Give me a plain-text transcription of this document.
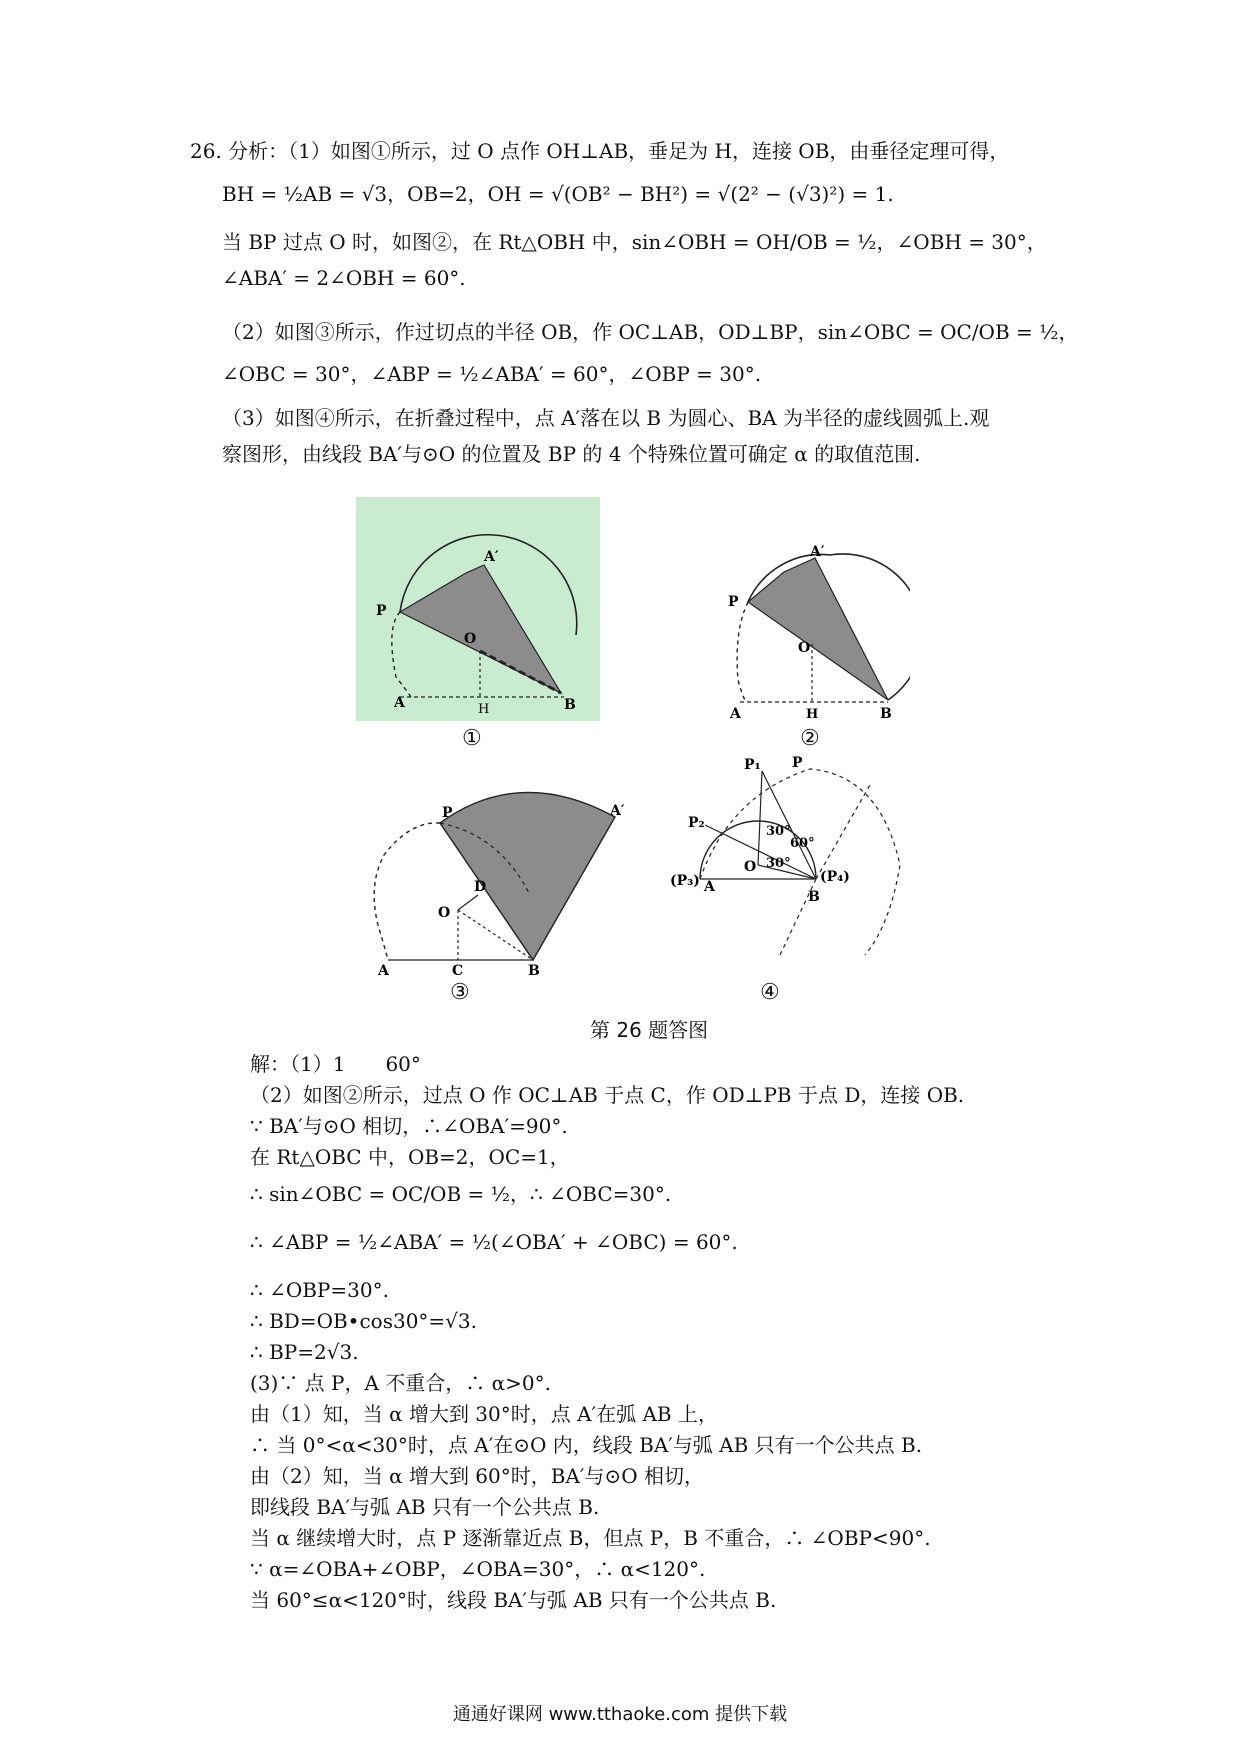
26. 分析：（1）如图①所示，过 O 点作 OH⊥AB，垂足为 H，连接 OB，由垂径定理可得，
BH = ½AB = √3，OB=2，OH = √(OB² − BH²) = √(2² − (√3)²) = 1.
当 BP 过点 O 时，如图②，在 Rt△OBH 中，sin∠OBH = OH/OB = ½，∠OBH = 30°，
∠ABA′ = 2∠OBH = 60°.
（2）如图③所示，作过切点的半径 OB，作 OC⊥AB，OD⊥BP，sin∠OBC = OC/OB = ½，
∠OBC = 30°，∠ABP = ½∠ABA′ = 60°，∠OBP = 30°.
（3）如图④所示，在折叠过程中，点 A′落在以 B 为圆心、BA 为半径的虚线圆弧上.观
察图形，由线段 BA′与⊙O 的位置及 BP 的 4 个特殊位置可确定 α 的取值范围.
A′
P
O
A	H	B
①
A′
P
O
A	H	B
②
P	A′
O
D
A	C	B
③
P₁ P
P₂
O
(P₃) A
(P₄)
B
30°
60°
30°
④
第 26 题答图
解：（1）1　　60°
（2）如图②所示，过点 O 作 OC⊥AB 于点 C，作 OD⊥PB 于点 D，连接 OB.
∵ BA′与⊙O 相切，∴∠OBA′=90°.
在 Rt△OBC 中，OB=2，OC=1，
∴ sin∠OBC = OC/OB = ½，∴ ∠OBC=30°.
∴ ∠ABP = ½∠ABA′ = ½(∠OBA′ + ∠OBC) = 60°.
∴ ∠OBP=30°.
∴ BD=OB•cos30°=√3.
∴ BP=2√3.
(3)∵ 点 P，A 不重合，∴ α>0°.
由（1）知，当 α 增大到 30°时，点 A′在弧 AB 上，
∴ 当 0°<α<30°时，点 A′在⊙O 内，线段 BA′与弧 AB 只有一个公共点 B.
由（2）知，当 α 增大到 60°时，BA′与⊙O 相切，
即线段 BA′与弧 AB 只有一个公共点 B.
当 α 继续增大时，点 P 逐渐靠近点 B，但点 P，B 不重合，∴ ∠OBP<90°.
∵ α=∠OBA+∠OBP，∠OBA=30°，∴ α<120°.
当 60°≤α<120°时，线段 BA′与弧 AB 只有一个公共点 B.
通通好课网 www.tthaoke.com 提供下载
